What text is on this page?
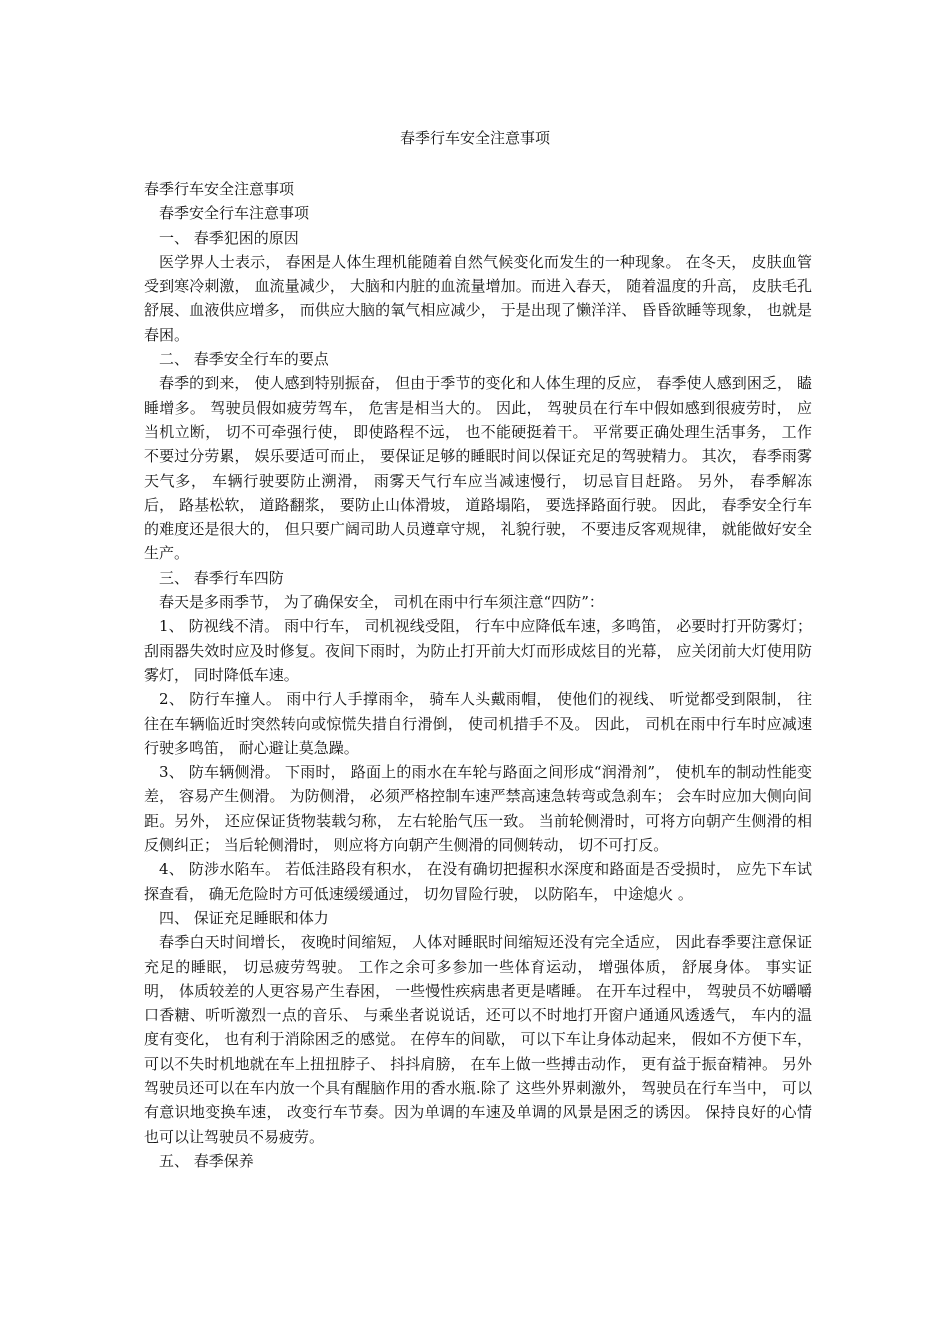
春季行车安全注意事项

春季行车安全注意事项

春季安全行车注意事项

一、 春季犯困的原因

医学界人士表示， 春困是人体生理机能随着自然气候变化而发生的一种现象。 在冬天， 皮肤血管受到寒冷刺激， 血流量减少， 大脑和内脏的血流量增加。而进入春天， 随着温度的升高， 皮肤毛孔舒展、血液供应增多， 而供应大脑的氧气相应减少， 于是出现了懒洋洋、 昏昏欲睡等现象， 也就是春困。

二、 春季安全行车的要点

春季的到来， 使人感到特别振奋， 但由于季节的变化和人体生理的反应， 春季使人感到困乏， 瞌睡增多。 驾驶员假如疲劳驾车， 危害是相当大的。 因此， 驾驶员在行车中假如感到很疲劳时， 应当机立断， 切不可牵强行使， 即使路程不远， 也不能硬挺着干。 平常要正确处理生活事务， 工作不要过分劳累， 娱乐要适可而止， 要保证足够的睡眠时间以保证充足的驾驶精力。 其次， 春季雨雾天气多， 车辆行驶要防止溯滑， 雨雾天气行车应当减速慢行， 切忌盲目赶路。 另外， 春季解冻后， 路基松软， 道路翻浆， 要防止山体滑坡， 道路塌陷， 要选择路面行驶。 因此， 春季安全行车的难度还是很大的， 但只要广阔司助人员遵章守规， 礼貌行驶， 不要违反客观规律， 就能做好安全生产。

三、 春季行车四防

春天是多雨季节， 为了确保安全， 司机在雨中行车须注意“四防”：

1、 防视线不清。 雨中行车， 司机视线受阻， 行车中应降低车速，多鸣笛， 必要时打开防雾灯； 刮雨器失效时应及时修复。夜间下雨时，为防止打开前大灯而形成炫目的光幕， 应关闭前大灯使用防雾灯， 同时降低车速。

2、 防行车撞人。 雨中行人手撑雨伞， 骑车人头戴雨帽， 使他们的视线、 听觉都受到限制， 往往在车辆临近时突然转向或惊慌失措自行滑倒， 使司机措手不及。 因此， 司机在雨中行车时应减速行驶多鸣笛， 耐心避让莫急躁。

3、 防车辆侧滑。 下雨时， 路面上的雨水在车轮与路面之间形成“润滑剂”， 使机车的制动性能变差， 容易产生侧滑。 为防侧滑， 必须严格控制车速严禁高速急转弯或急刹车； 会车时应加大侧向间距。另外， 还应保证货物装载匀称， 左右轮胎气压一致。 当前轮侧滑时，可将方向朝产生侧滑的相反侧纠正； 当后轮侧滑时， 则应将方向朝产生侧滑的同侧转动， 切不可打反。

4、 防涉水陷车。 若低洼路段有积水， 在没有确切把握积水深度和路面是否受损时， 应先下车试探查看， 确无危险时方可低速缓缓通过， 切勿冒险行驶， 以防陷车， 中途熄火 。

四、 保证充足睡眠和体力

春季白天时间增长， 夜晚时间缩短， 人体对睡眠时间缩短还没有完全适应， 因此春季要注意保证充足的睡眠， 切忌疲劳驾驶。 工作之余可多参加一些体育运动， 增强体质， 舒展身体。 事实证明， 体质较差的人更容易产生春困， 一些慢性疾病患者更是嗜睡。 在开车过程中， 驾驶员不妨嚼嚼口香糖、听听激烈一点的音乐、 与乘坐者说说话，还可以不时地打开窗户通通风透透气， 车内的温度有变化， 也有利于消除困乏的感觉。 在停车的间歇， 可以下车让身体动起来， 假如不方便下车， 可以不失时机地就在车上扭扭脖子、 抖抖肩膀， 在车上做一些搏击动作， 更有益于振奋精神。 另外驾驶员还可以在车内放一个具有醒脑作用的香水瓶.除了 这些外界刺激外， 驾驶员在行车当中， 可以有意识地变换车速， 改变行车节奏。因为单调的车速及单调的风景是困乏的诱因。 保持良好的心情也可以让驾驶员不易疲劳。

五、 春季保养
